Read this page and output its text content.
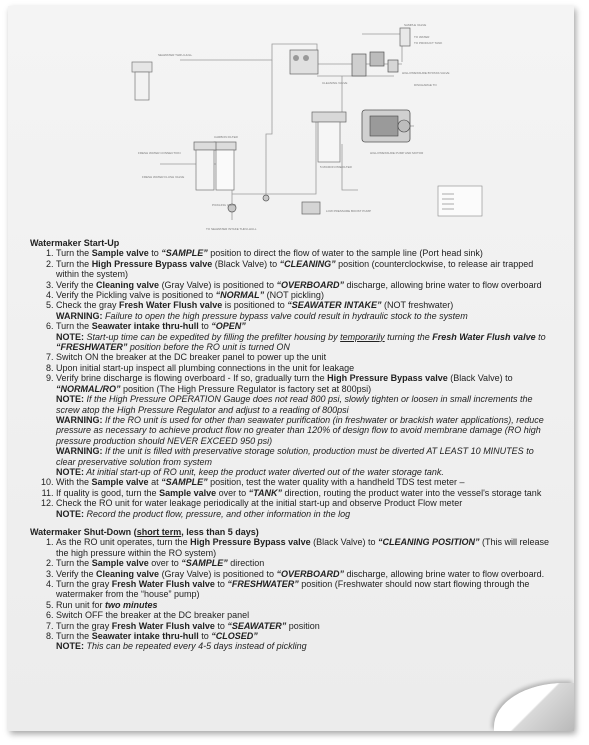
SEAWATER THRU-HULL
SAMPLE VALVE
TO WATER
TO PRODUCT TANK
HIGH PRESSURE BYPASS VALVE
CLEANING VALVE	DISCHARGE TO
CARBON FILTER
FRESH WATER CONNECTION
FRESH WATER FLUSH VALVE
PICKLING VALVE
5 MICRON PREFILTER
HIGH PRESSURE PUMP AND MOTOR
LOW PRESSURE BOOST PUMP
TO SEAWATER INTAKE THRU-HULL
Watermaker Start-Up
1. Turn the Sample valve to “SAMPLE” position to direct the flow of water to the sample line (Port head sink)
2. Turn the High Pressure Bypass valve (Black Valve) to “CLEANING” position (counterclockwise, to release air trapped within the system)
3. Verify the Cleaning valve (Gray Valve) is positioned to “OVERBOARD” discharge, allowing brine water to flow overboard
4. Verify the Pickling valve is positioned to “NORMAL” (NOT pickling)
5. Check the gray Fresh Water Flush valve is positioned to “SEAWATER INTAKE” (NOT freshwater)
WARNING: Failure to open the high pressure bypass valve could result in hydraulic stock to the system
6. Turn the Seawater intake thru-hull to “OPEN”
NOTE: Start-up time can be expedited by filling the prefilter housing by temporarily turning the Fresh Water Flush valve to “FRESHWATER” position before the RO unit is turned ON
7. Switch ON the breaker at the DC breaker panel to power up the unit
8. Upon initial start-up inspect all plumbing connections in the unit for leakage
9. Verify brine discharge is flowing overboard - If so, gradually turn the High Pressure Bypass valve (Black Valve) to “NORMAL/RO” position (The High Pressure Regulator is factory set at 800psi)
NOTE: If the High Pressure OPERATION Gauge does not read 800 psi, slowly tighten or loosen in small increments the screw atop the High Pressure Regulator and adjust to a reading of 800psi
WARNING: If the RO unit is used for other than seawater purification (in freshwater or brackish water applications), reduce pressure as necessary to achieve product flow no greater than 120% of design flow to avoid membrane damage (RO high pressure production should NEVER EXCEED 950 psi)
WARNING: If the unit is filled with preservative storage solution, production must be diverted AT LEAST 10 MINUTES to clear preservative solution from system
NOTE: At initial start-up of RO unit, keep the product water diverted out of the water storage tank.
10. With the Sample valve at “SAMPLE” position, test the water quality with a handheld TDS test meter –
11. If quality is good, turn the Sample valve over to “TANK” direction, routing the product water into the vessel's storage tank
12. Check the RO unit for water leakage periodically at the initial start-up and observe Product Flow meter
NOTE: Record the product flow, pressure, and other information in the log
Watermaker Shut-Down (short term, less than 5 days)
1. As the RO unit operates, turn the High Pressure Bypass valve (Black Valve) to “CLEANING POSITION” (This will release the high pressure within the RO system)
2. Turn the Sample valve over to “SAMPLE” direction
3. Verify the Cleaning valve (Gray Valve) is positioned to “OVERBOARD” discharge, allowing brine water to flow overboard.
4. Turn the gray Fresh Water Flush valve to “FRESHWATER” position (Freshwater should now start flowing through the watermaker from the “house” pump)
5. Run unit for two minutes
6. Switch OFF the breaker at the DC breaker panel
7. Turn the gray Fresh Water Flush valve to “SEAWATER” position
8. Turn the Seawater intake thru-hull to “CLOSED”
NOTE: This can be repeated every 4-5 days instead of pickling
